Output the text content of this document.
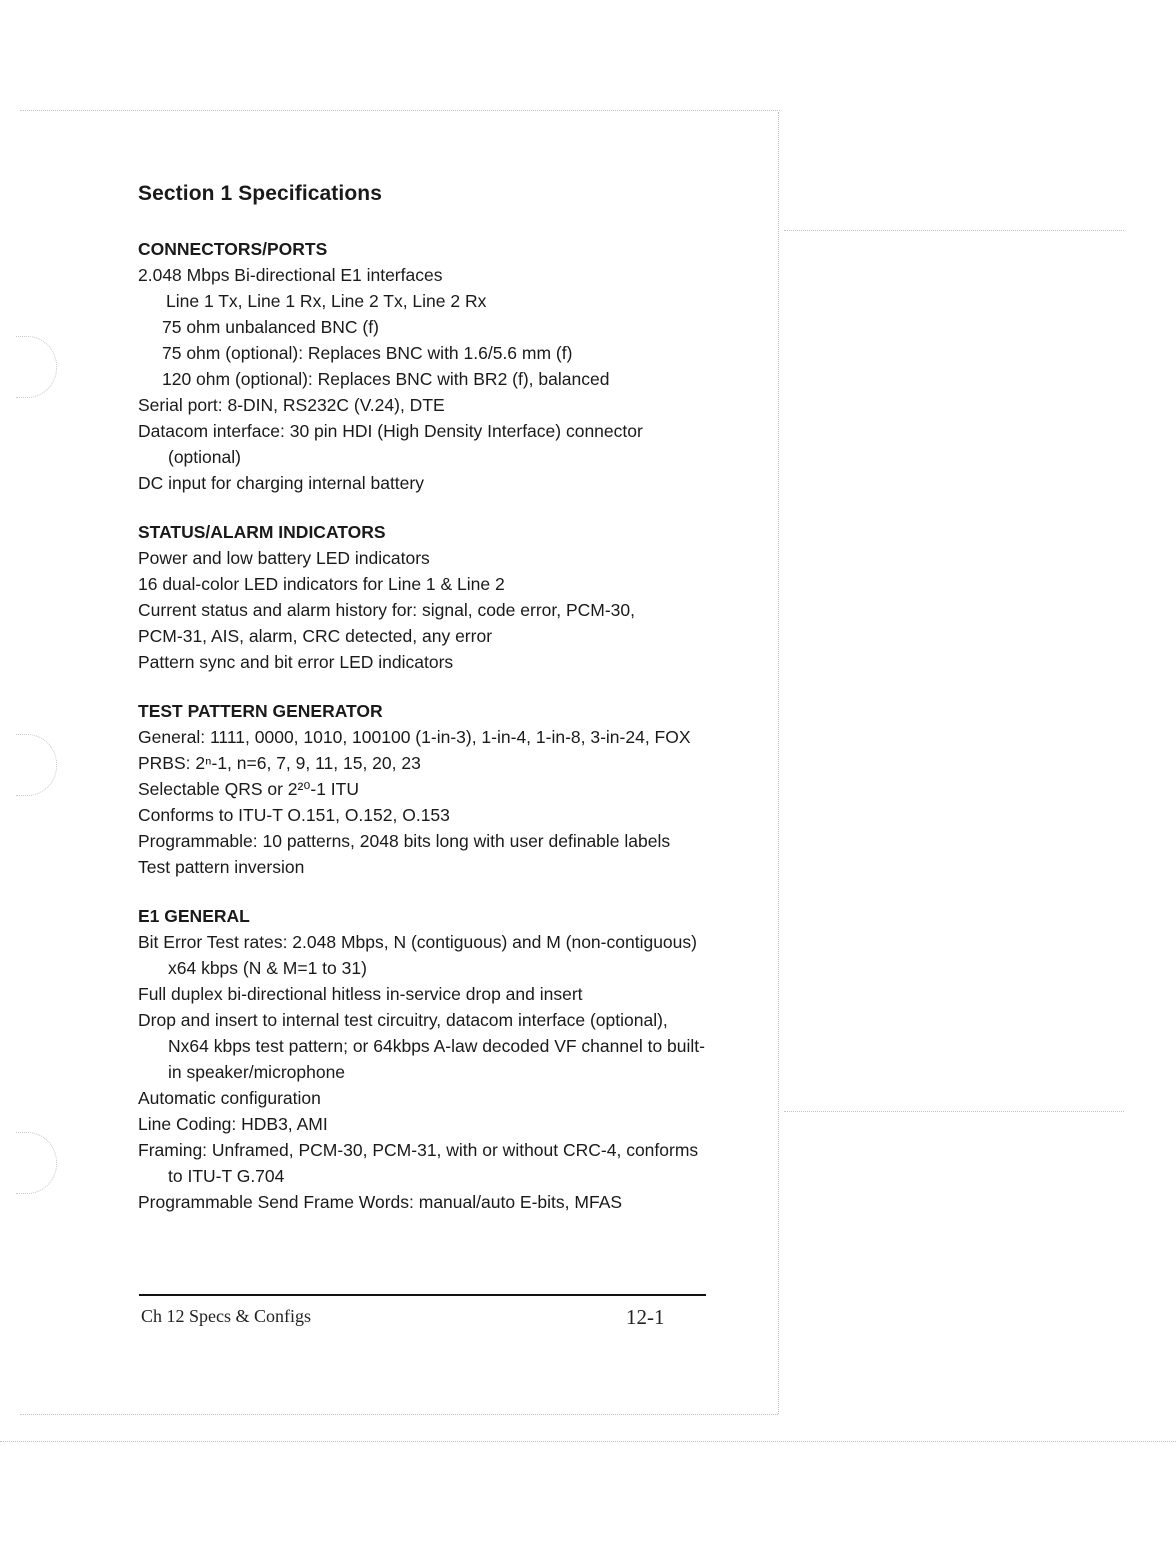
Section 1 Specifications
CONNECTORS/PORTS

2.048 Mbps Bi-directional E1 interfaces

Line 1 Tx, Line 1 Rx, Line 2 Tx, Line 2 Rx

75 ohm unbalanced BNC (f)

75 ohm (optional): Replaces BNC with 1.6/5.6 mm (f)

120 ohm (optional): Replaces BNC with BR2 (f), balanced

Serial port: 8-DIN, RS232C (V.24), DTE

Datacom interface: 30 pin HDI (High Density Interface) connector (optional)

DC input for charging internal battery

STATUS/ALARM INDICATORS

Power and low battery LED indicators

16 dual-color LED indicators for Line 1 & Line 2

Current status and alarm history for: signal, code error, PCM-30,

PCM-31, AIS, alarm, CRC detected, any error

Pattern sync and bit error LED indicators

TEST PATTERN GENERATOR

General: 1111, 0000, 1010, 100100 (1-in-3), 1-in-4, 1-in-8, 3-in-24, FOX

PRBS: 2ⁿ-1, n=6, 7, 9, 11, 15, 20, 23

Selectable QRS or 2²⁰-1 ITU

Conforms to ITU-T O.151, O.152, O.153

Programmable: 10 patterns, 2048 bits long with user definable labels

Test pattern inversion

E1 GENERAL

Bit Error Test rates: 2.048 Mbps, N (contiguous) and M (non-contiguous) x64 kbps (N & M=1 to 31)

Full duplex bi-directional hitless in-service drop and insert

Drop and insert to internal test circuitry, datacom interface (optional), Nx64 kbps test pattern; or 64kbps A-law decoded VF channel to built-in speaker/microphone

Automatic configuration

Line Coding: HDB3, AMI

Framing: Unframed, PCM-30, PCM-31, with or without CRC-4, conforms to ITU-T G.704

Programmable Send Frame Words: manual/auto E-bits, MFAS

Ch 12 Specs & Configs	12-1
